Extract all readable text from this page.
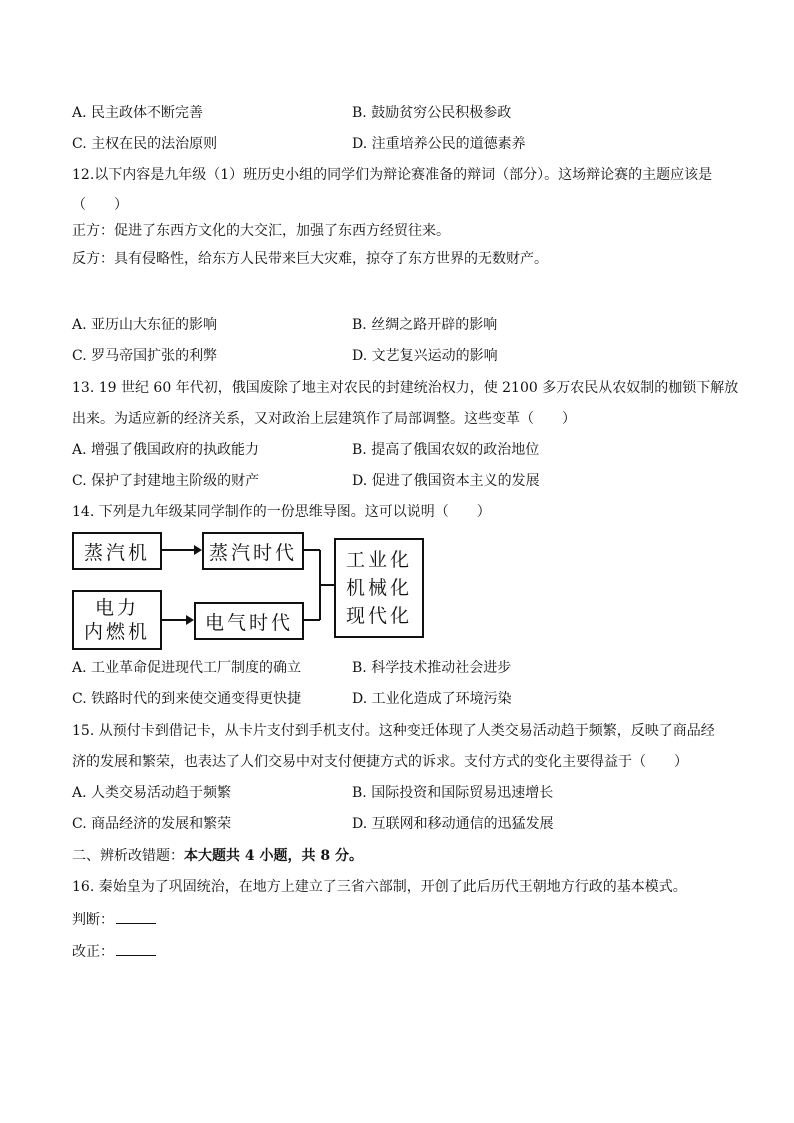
A. 民主政体不断完善	B. 鼓励贫穷公民积极参政
C. 主权在民的法治原则	D. 注重培养公民的道德素养
12.以下内容是九年级（1）班历史小组的同学们为辩论赛准备的辩词（部分）。这场辩论赛的主题应该是
（　　）
正方：促进了东西方文化的大交汇，加强了东西方经贸往来。
反方：具有侵略性，给东方人民带来巨大灾难，掠夺了东方世界的无数财产。
A. 亚历山大东征的影响	B. 丝绸之路开辟的影响
C. 罗马帝国扩张的利弊	D. 文艺复兴运动的影响
13. 19 世纪 60 年代初，俄国废除了地主对农民的封建统治权力，使 2100 多万农民从农奴制的枷锁下解放
出来。为适应新的经济关系，又对政治上层建筑作了局部调整。这些变革（　　）
A. 增强了俄国政府的执政能力	B. 提高了俄国农奴的政治地位
C. 保护了封建地主阶级的财产	D. 促进了俄国资本主义的发展
14. 下列是九年级某同学制作的一份思维导图。这可以说明（　　）
蒸汽机	蒸汽时代
电力
内燃机	电气时代
工业化
机械化
现代化
A. 工业革命促进现代工厂制度的确立	B. 科学技术推动社会进步
C. 铁路时代的到来使交通变得更快捷	D. 工业化造成了环境污染
15. 从预付卡到借记卡，从卡片支付到手机支付。这种变迁体现了人类交易活动趋于频繁，反映了商品经
济的发展和繁荣，也表达了人们交易中对支付便捷方式的诉求。支付方式的变化主要得益于（　　）
A. 人类交易活动趋于频繁	B. 国际投资和国际贸易迅速增长
C. 商品经济的发展和繁荣	D. 互联网和移动通信的迅猛发展
二、辨析改错题：本大题共 4 小题，共 8 分。
16. 秦始皇为了巩固统治，在地方上建立了三省六部制，开创了此后历代王朝地方行政的基本模式。
判断：
改正：
